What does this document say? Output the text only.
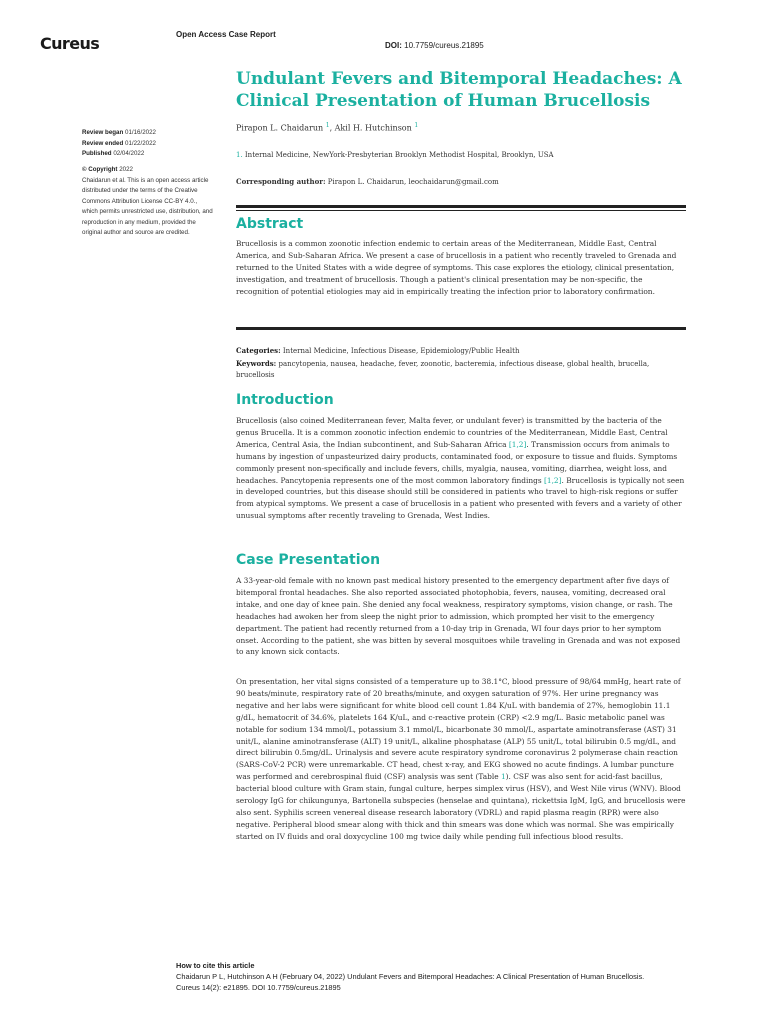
Cureus	Open Access Case Report
DOI: 10.7759/cureus.21895
Review began 01/16/2022
Review ended 01/22/2022
Published 02/04/2022
© Copyright 2022
Chaidarun et al. This is an open access article distributed under the terms of the Creative Commons Attribution License CC-BY 4.0., which permits unrestricted use, distribution, and reproduction in any medium, provided the original author and source are credited.
Undulant Fevers and Bitemporal Headaches: A Clinical Presentation of Human Brucellosis
Pirapon L. Chaidarun $^1$, Akil H. Hutchinson $^1$
1. Internal Medicine, NewYork-Presbyterian Brooklyn Methodist Hospital, Brooklyn, USA
Corresponding author: Pirapon L. Chaidarun, leochaidarun@gmail.com
Abstract
Brucellosis is a common zoonotic infection endemic to certain areas of the Mediterranean, Middle East, Central America, and Sub-Saharan Africa. We present a case of brucellosis in a patient who recently traveled to Grenada and returned to the United States with a wide degree of symptoms. This case explores the etiology, clinical presentation, investigation, and treatment of brucellosis. Though a patient's clinical presentation may be non-specific, the recognition of potential etiologies may aid in empirically treating the infection prior to laboratory confirmation.
Categories: Internal Medicine, Infectious Disease, Epidemiology/Public Health
Keywords: pancytopenia, nausea, headache, fever, zoonotic, bacteremia, infectious disease, global health, brucella, brucellosis
Introduction
Brucellosis (also coined Mediterranean fever, Malta fever, or undulant fever) is transmitted by the bacteria of the genus Brucella. It is a common zoonotic infection endemic to countries of the Mediterranean, Middle East, Central America, Central Asia, the Indian subcontinent, and Sub-Saharan Africa [1,2]. Transmission occurs from animals to humans by ingestion of unpasteurized dairy products, contaminated food, or exposure to tissue and fluids. Symptoms commonly present non-specifically and include fevers, chills, myalgia, nausea, vomiting, diarrhea, weight loss, and headaches. Pancytopenia represents one of the most common laboratory findings [1,2]. Brucellosis is typically not seen in developed countries, but this disease should still be considered in patients who travel to high-risk regions or suffer from atypical symptoms. We present a case of brucellosis in a patient who presented with fevers and a variety of other unusual symptoms after recently traveling to Grenada, West Indies.
Case Presentation
A 33-year-old female with no known past medical history presented to the emergency department after five days of bitemporal frontal headaches. She also reported associated photophobia, fevers, nausea, vomiting, decreased oral intake, and one day of knee pain. She denied any focal weakness, respiratory symptoms, vision change, or rash. The headaches had awoken her from sleep the night prior to admission, which prompted her visit to the emergency department. The patient had recently returned from a 10-day trip in Grenada, WI four days prior to her symptom onset. According to the patient, she was bitten by several mosquitoes while traveling in Grenada and was not exposed to any known sick contacts.
On presentation, her vital signs consisted of a temperature up to 38.1°C, blood pressure of 98/64 mmHg, heart rate of 90 beats/minute, respiratory rate of 20 breaths/minute, and oxygen saturation of 97%. Her urine pregnancy was negative and her labs were significant for white blood cell count 1.84 K/uL with bandemia of 27%, hemoglobin 11.1 g/dL, hematocrit of 34.6%, platelets 164 K/uL, and c-reactive protein (CRP) <2.9 mg/L. Basic metabolic panel was notable for sodium 134 mmol/L, potassium 3.1 mmol/L, bicarbonate 30 mmol/L, aspartate aminotransferase (AST) 31 unit/L, alanine aminotransferase (ALT) 19 unit/L, alkaline phosphatase (ALP) 55 unit/L, total bilirubin 0.5 mg/dL, and direct bilirubin 0.5mg/dL. Urinalysis and severe acute respiratory syndrome coronavirus 2 polymerase chain reaction (SARS-CoV-2 PCR) were unremarkable. CT head, chest x-ray, and EKG showed no acute findings. A lumbar puncture was performed and cerebrospinal fluid (CSF) analysis was sent (Table 1). CSF was also sent for acid-fast bacillus, bacterial blood culture with Gram stain, fungal culture, herpes simplex virus (HSV), and West Nile virus (WNV). Blood serology IgG for chikungunya, Bartonella subspecies (henselae and quintana), rickettsia IgM, IgG, and brucellosis were also sent. Syphilis screen venereal disease research laboratory (VDRL) and rapid plasma reagin (RPR) were also negative. Peripheral blood smear along with thick and thin smears was done which was normal. She was empirically started on IV fluids and oral doxycycline 100 mg twice daily while pending full infectious blood results.
How to cite this article
Chaidarun P L, Hutchinson A H (February 04, 2022) Undulant Fevers and Bitemporal Headaches: A Clinical Presentation of Human Brucellosis.
Cureus 14(2): e21895. DOI 10.7759/cureus.21895
